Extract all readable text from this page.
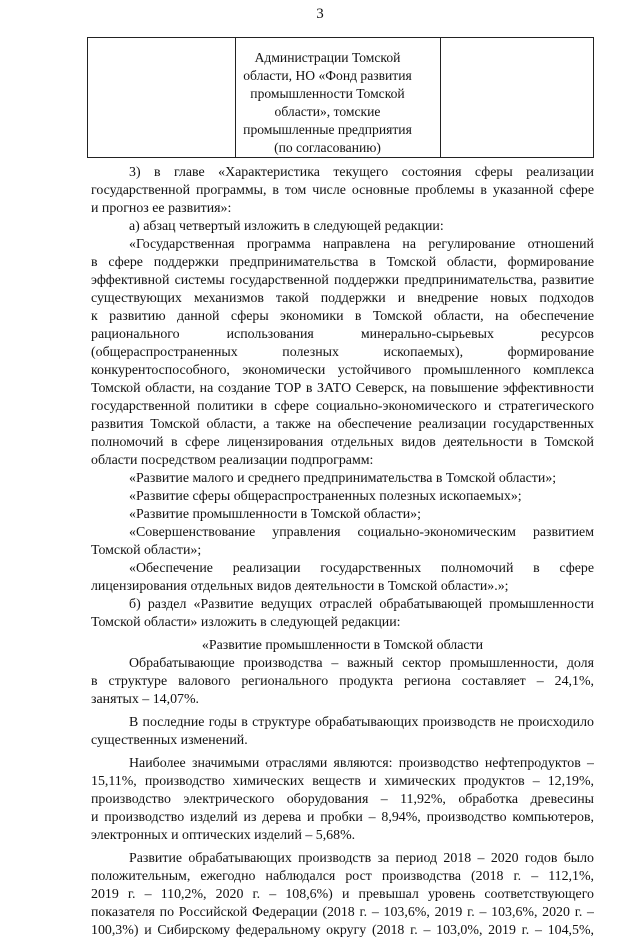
3
Администрации Томской
области, НО «Фонд развития
промышленности Томской
области», томские
промышленные предприятия
(по согласованию)
3) в главе «Характеристика текущего состояния сферы реализации
государственной программы, в том числе основные проблемы в указанной сфере
и прогноз ее развития»:
а) абзац четвертый изложить в следующей редакции:
«Государственная программа направлена на регулирование отношений
в сфере поддержки предпринимательства в Томской области, формирование
эффективной системы государственной поддержки предпринимательства, развитие
существующих механизмов такой поддержки и внедрение новых подходов
к развитию данной сферы экономики в Томской области, на обеспечение
рационального использования минерально-сырьевых ресурсов
(общераспространенных полезных ископаемых), формирование
конкурентоспособного, экономически устойчивого промышленного комплекса
Томской области, на создание ТОР в ЗАТО Северск, на повышение эффективности
государственной политики в сфере социально-экономического и стратегического
развития Томской области, а также на обеспечение реализации государственных
полномочий в сфере лицензирования отдельных видов деятельности в Томской
области посредством реализации подпрограмм:
«Развитие малого и среднего предпринимательства в Томской области»;
«Развитие сферы общераспространенных полезных ископаемых»;
«Развитие промышленности в Томской области»;
«Совершенствование управления социально-экономическим развитием
Томской области»;
«Обеспечение реализации государственных полномочий в сфере
лицензирования отдельных видов деятельности в Томской области».»;
б) раздел «Развитие ведущих отраслей обрабатывающей промышленности
Томской области» изложить в следующей редакции:
«Развитие промышленности в Томской области
Обрабатывающие производства – важный сектор промышленности, доля
в структуре валового регионального продукта региона составляет – 24,1%,
занятых – 14,07%.
В последние годы в структуре обрабатывающих производств не происходило
существенных изменений.
Наиболее значимыми отраслями являются: производство нефтепродуктов –
15,11%, производство химических веществ и химических продуктов – 12,19%,
производство электрического оборудования – 11,92%, обработка древесины
и производство изделий из дерева и пробки – 8,94%, производство компьютеров,
электронных и оптических изделий – 5,68%.
Развитие обрабатывающих производств за период 2018 – 2020 годов было
положительным, ежегодно наблюдался рост производства (2018 г. – 112,1%,
2019 г. – 110,2%, 2020 г. – 108,6%) и превышал уровень соответствующего
показателя по Российской Федерации (2018 г. – 103,6%, 2019 г. – 103,6%, 2020 г. –
100,3%) и Сибирскому федеральному округу (2018 г. – 103,0%, 2019 г. – 104,5%,
